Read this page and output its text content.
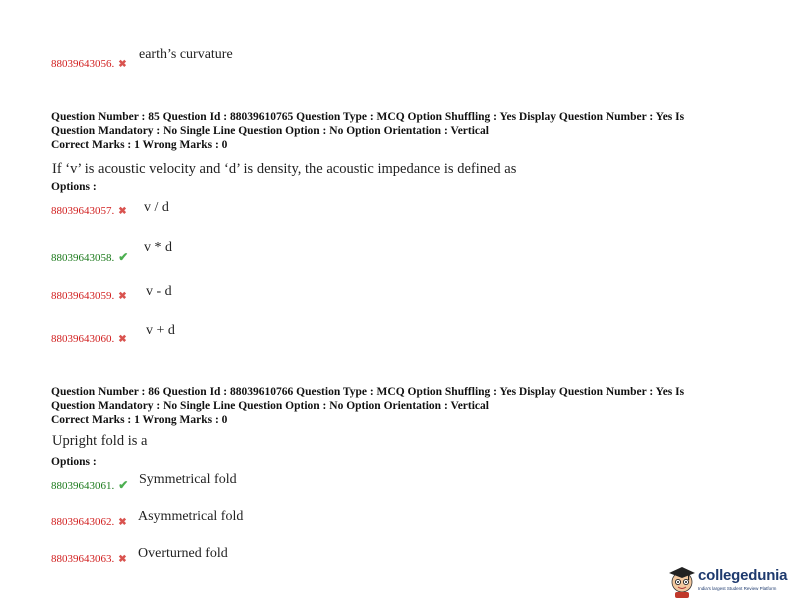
88039643056. ✖
earth’s curvature
Question Number : 85 Question Id : 88039610765 Question Type : MCQ Option Shuffling : Yes Display Question Number : Yes Is
Question Mandatory : No Single Line Question Option : No Option Orientation : Vertical
Correct Marks : 1 Wrong Marks : 0
If ‘v’ is acoustic velocity and ‘d’ is density, the acoustic impedance is defined as
Options :
88039643057. ✖ v / d
88039643058. ✔
v * d
88039643059. ✖ v - d
88039643060. ✖
v + d
Question Number : 86 Question Id : 88039610766 Question Type : MCQ Option Shuffling : Yes Display Question Number : Yes Is
Question Mandatory : No Single Line Question Option : No Option Orientation : Vertical
Correct Marks : 1 Wrong Marks : 0
Upright fold is a
Options :
88039643061. ✔ Symmetrical fold
88039643062. ✖ Asymmetrical fold
88039643063. ✖ Overturned fold
collegedunia
India's largest Student Review Platform
